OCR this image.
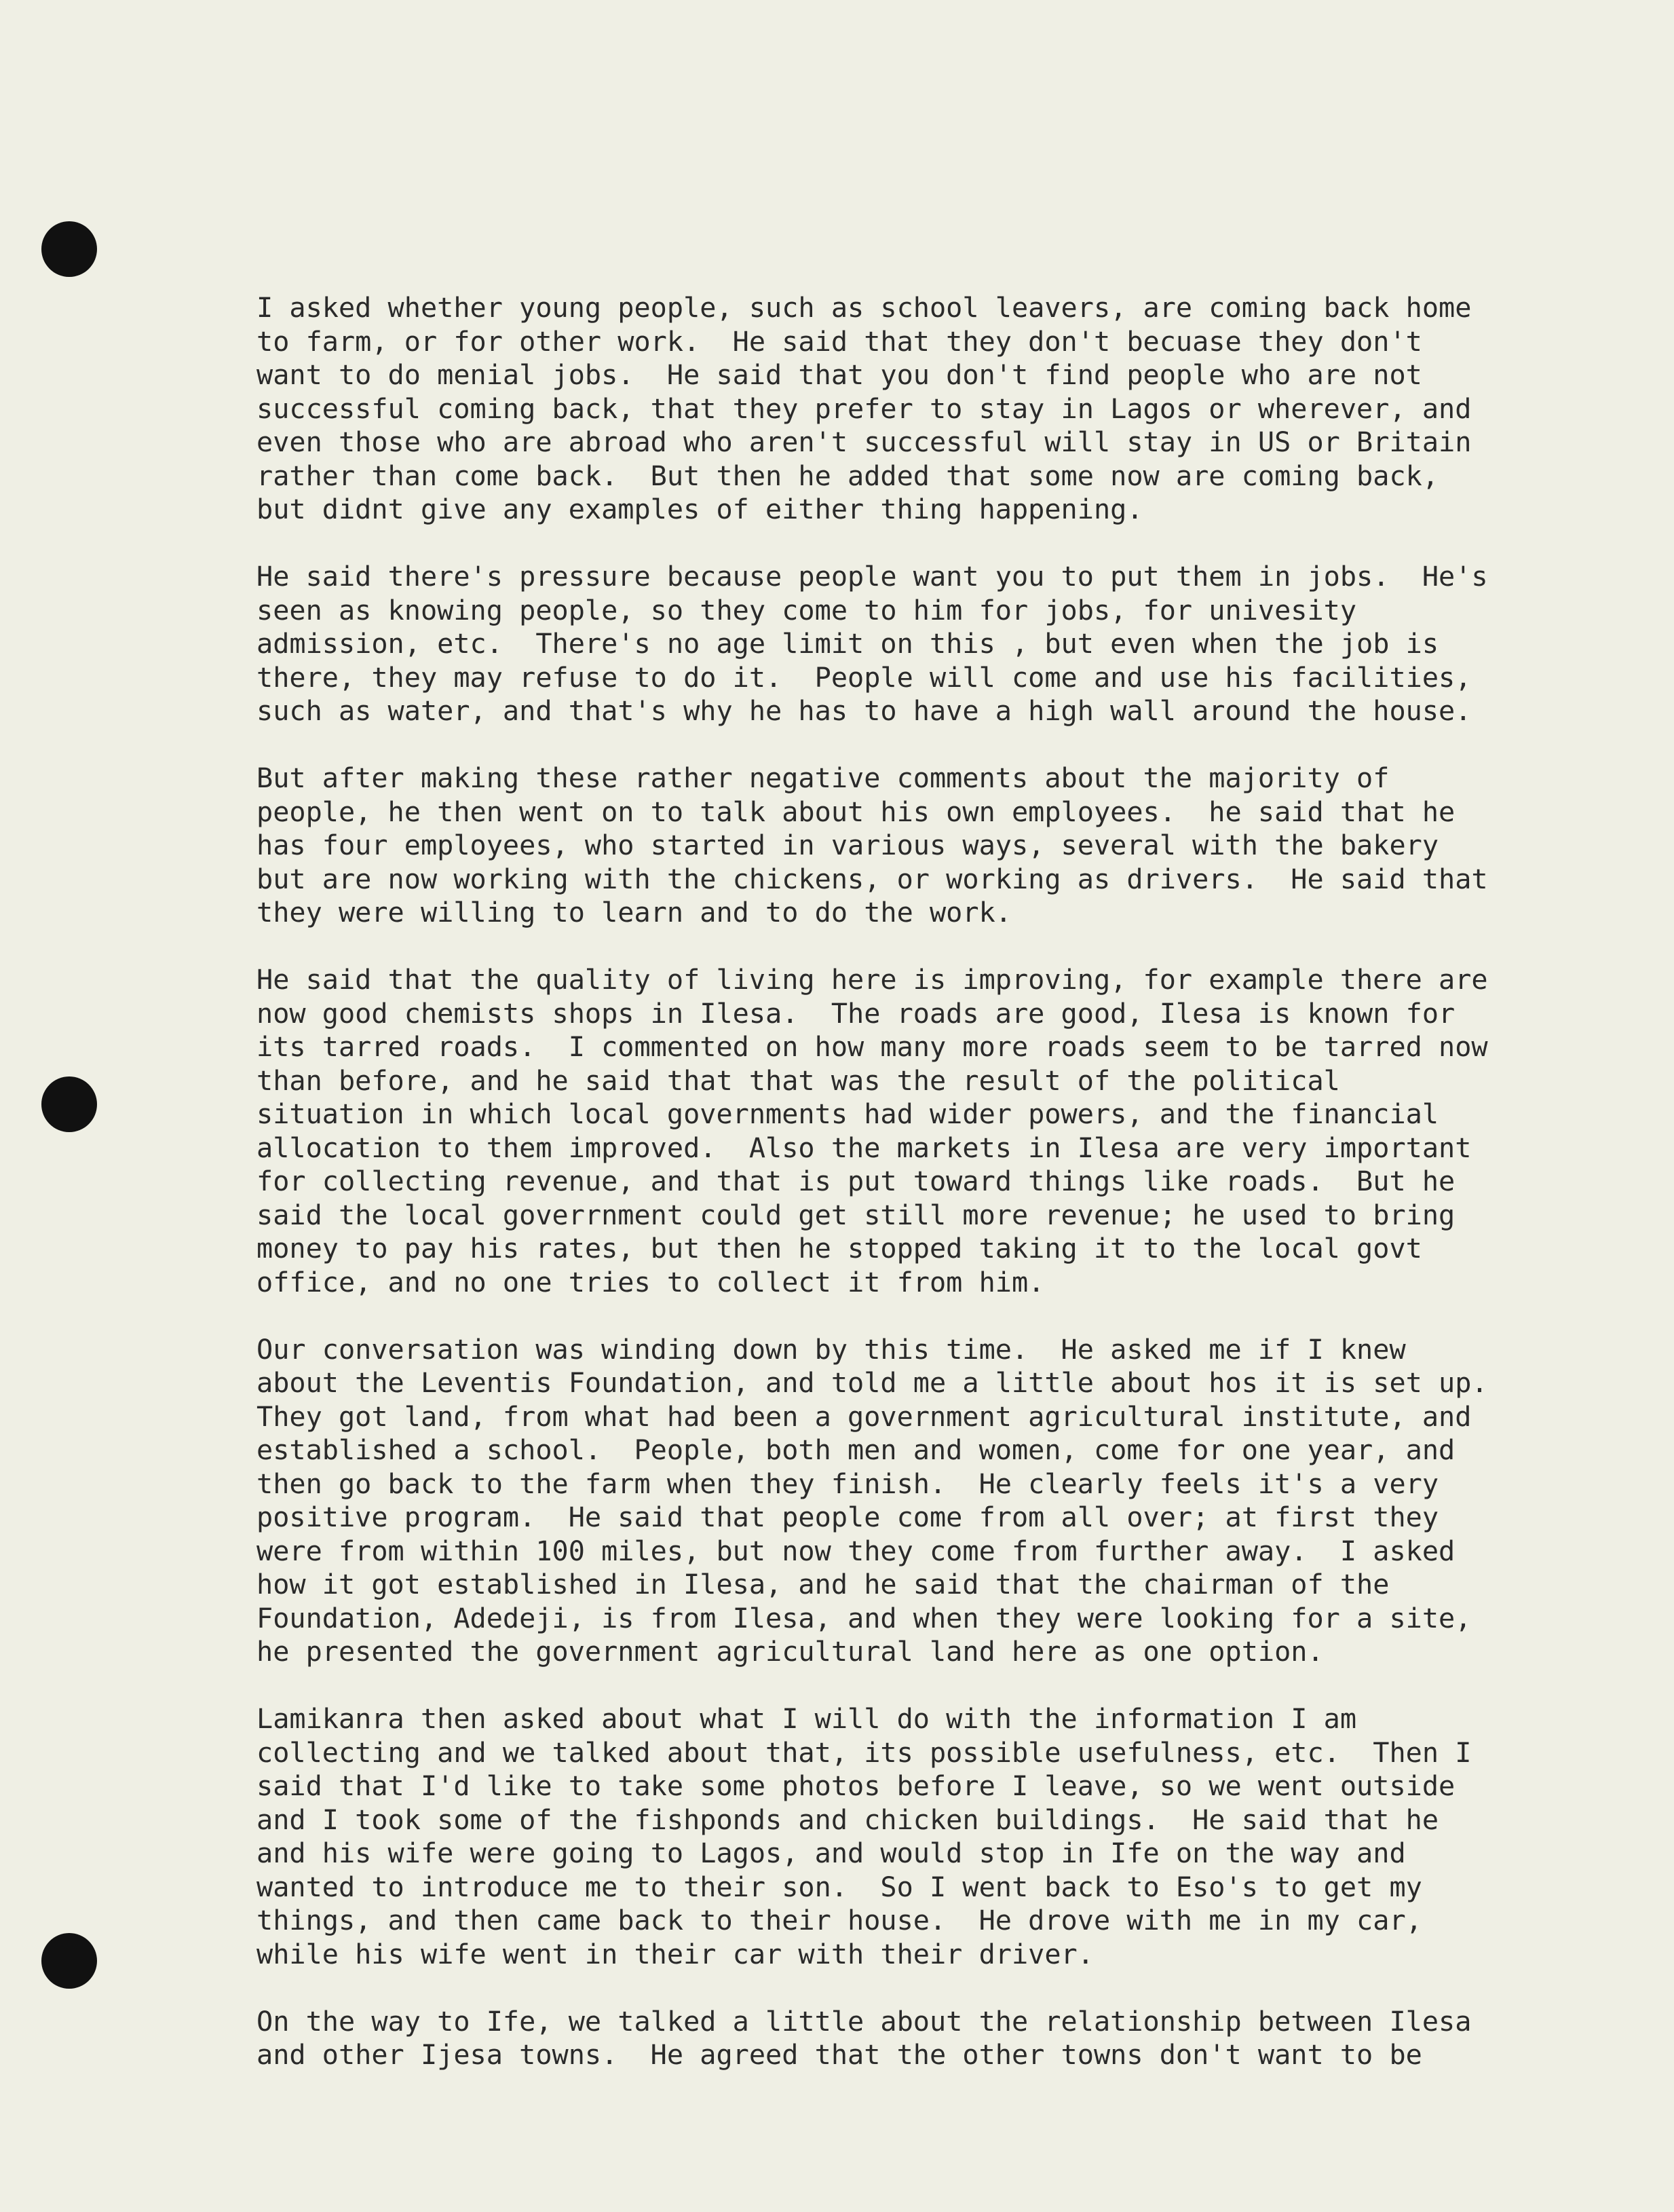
I asked whether young people, such as school leavers, are coming back home
to farm, or for other work.  He said that they don't becuase they don't
want to do menial jobs.  He said that you don't find people who are not
successful coming back, that they prefer to stay in Lagos or wherever, and
even those who are abroad who aren't successful will stay in US or Britain
rather than come back.  But then he added that some now are coming back,
but didnt give any examples of either thing happening.
He said there's pressure because people want you to put them in jobs.  He's
seen as knowing people, so they come to him for jobs, for univesity
admission, etc.  There's no age limit on this , but even when the job is
there, they may refuse to do it.  People will come and use his facilities,
such as water, and that's why he has to have a high wall around the house.
But after making these rather negative comments about the majority of
people, he then went on to talk about his own employees.  he said that he
has four employees, who started in various ways, several with the bakery
but are now working with the chickens, or working as drivers.  He said that
they were willing to learn and to do the work.
He said that the quality of living here is improving, for example there are
now good chemists shops in Ilesa.  The roads are good, Ilesa is known for
its tarred roads.  I commented on how many more roads seem to be tarred now
than before, and he said that that was the result of the political
situation in which local governments had wider powers, and the financial
allocation to them improved.  Also the markets in Ilesa are very important
for collecting revenue, and that is put toward things like roads.  But he
said the local goverrnment could get still more revenue; he used to bring
money to pay his rates, but then he stopped taking it to the local govt
office, and no one tries to collect it from him.
Our conversation was winding down by this time.  He asked me if I knew
about the Leventis Foundation, and told me a little about hos it is set up.
They got land, from what had been a government agricultural institute, and
established a school.  People, both men and women, come for one year, and
then go back to the farm when they finish.  He clearly feels it's a very
positive program.  He said that people come from all over; at first they
were from within 100 miles, but now they come from further away.  I asked
how it got established in Ilesa, and he said that the chairman of the
Foundation, Adedeji, is from Ilesa, and when they were looking for a site,
he presented the government agricultural land here as one option.
Lamikanra then asked about what I will do with the information I am
collecting and we talked about that, its possible usefulness, etc.  Then I
said that I'd like to take some photos before I leave, so we went outside
and I took some of the fishponds and chicken buildings.  He said that he
and his wife were going to Lagos, and would stop in Ife on the way and
wanted to introduce me to their son.  So I went back to Eso's to get my
things, and then came back to their house.  He drove with me in my car,
while his wife went in their car with their driver.
On the way to Ife, we talked a little about the relationship between Ilesa
and other Ijesa towns.  He agreed that the other towns don't want to be
